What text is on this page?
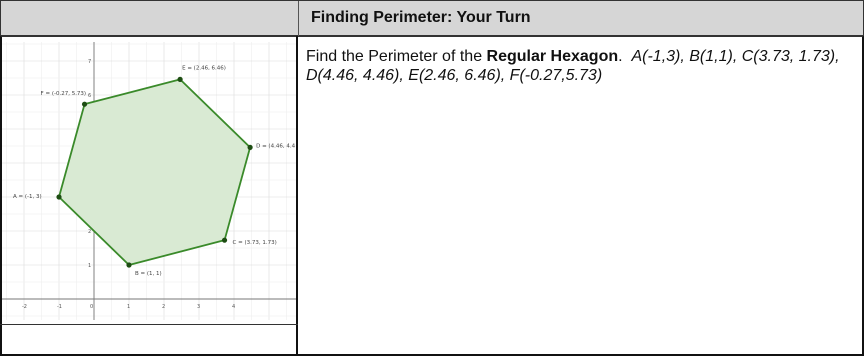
Finding Perimeter: Your Turn
-2	-1	0	1	2	3	4
7
6
2
1
A = (-1, 3)
B = (1, 1)
C = (3.73, 1.73)
D = (4.46, 4.4
E = (2.46, 6.46)
F = (-0.27, 5.73)
Find the Perimeter of the Regular Hexagon. A(-1,3), B(1,1), C(3.73, 1.73), D(4.46, 4.46), E(2.46, 6.46), F(-0.27,5.73)
